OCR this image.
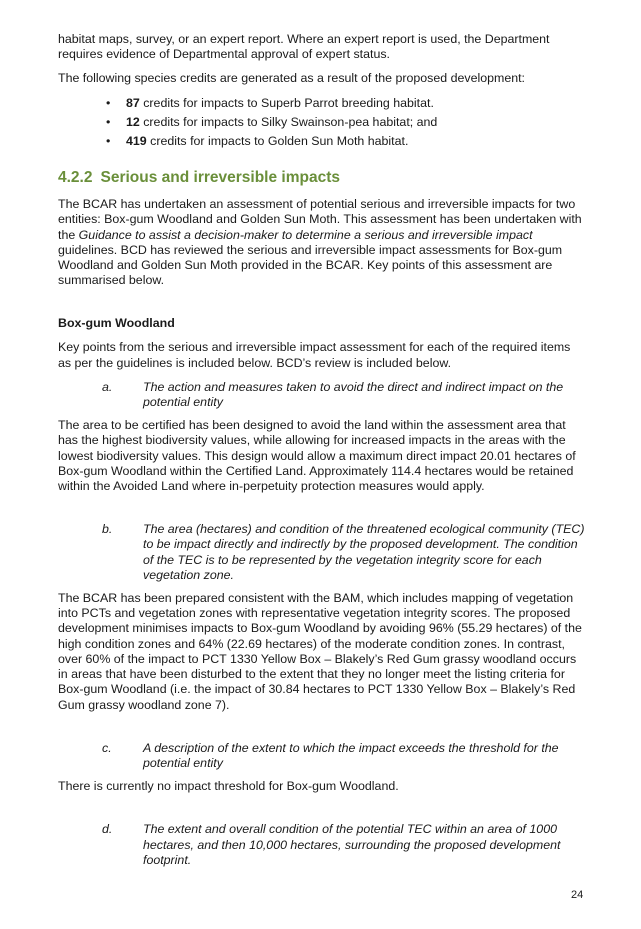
habitat maps, survey, or an expert report. Where an expert report is used, the Department requires evidence of Departmental approval of expert status.

The following species credits are generated as a result of the proposed development:

• 87 credits for impacts to Superb Parrot breeding habitat.
• 12 credits for impacts to Silky Swainson-pea habitat; and
• 419 credits for impacts to Golden Sun Moth habitat.
4.2.2 Serious and irreversible impacts

The BCAR has undertaken an assessment of potential serious and irreversible impacts for two entities: Box-gum Woodland and Golden Sun Moth. This assessment has been undertaken with the Guidance to assist a decision-maker to determine a serious and irreversible impact guidelines. BCD has reviewed the serious and irreversible impact assessments for Box-gum Woodland and Golden Sun Moth provided in the BCAR. Key points of this assessment are summarised below.

Box-gum Woodland

Key points from the serious and irreversible impact assessment for each of the required items as per the guidelines is included below. BCD’s review is included below.

a.	The action and measures taken to avoid the direct and indirect impact on the potential entity

The area to be certified has been designed to avoid the land within the assessment area that has the highest biodiversity values, while allowing for increased impacts in the areas with the lowest biodiversity values. This design would allow a maximum direct impact 20.01 hectares of Box-gum Woodland within the Certified Land. Approximately 114.4 hectares would be retained within the Avoided Land where in-perpetuity protection measures would apply.

b.	The area (hectares) and condition of the threatened ecological community (TEC) to be impact directly and indirectly by the proposed development. The condition of the TEC is to be represented by the vegetation integrity score for each vegetation zone.

The BCAR has been prepared consistent with the BAM, which includes mapping of vegetation into PCTs and vegetation zones with representative vegetation integrity scores. The proposed development minimises impacts to Box-gum Woodland by avoiding 96% (55.29 hectares) of the high condition zones and 64% (22.69 hectares) of the moderate condition zones. In contrast, over 60% of the impact to PCT 1330 Yellow Box – Blakely’s Red Gum grassy woodland occurs in areas that have been disturbed to the extent that they no longer meet the listing criteria for Box-gum Woodland (i.e. the impact of 30.84 hectares to PCT 1330 Yellow Box – Blakely’s Red Gum grassy woodland zone 7).

c.	A description of the extent to which the impact exceeds the threshold for the potential entity

There is currently no impact threshold for Box-gum Woodland.

d.	The extent and overall condition of the potential TEC within an area of 1000 hectares, and then 10,000 hectares, surrounding the proposed development footprint.
24
